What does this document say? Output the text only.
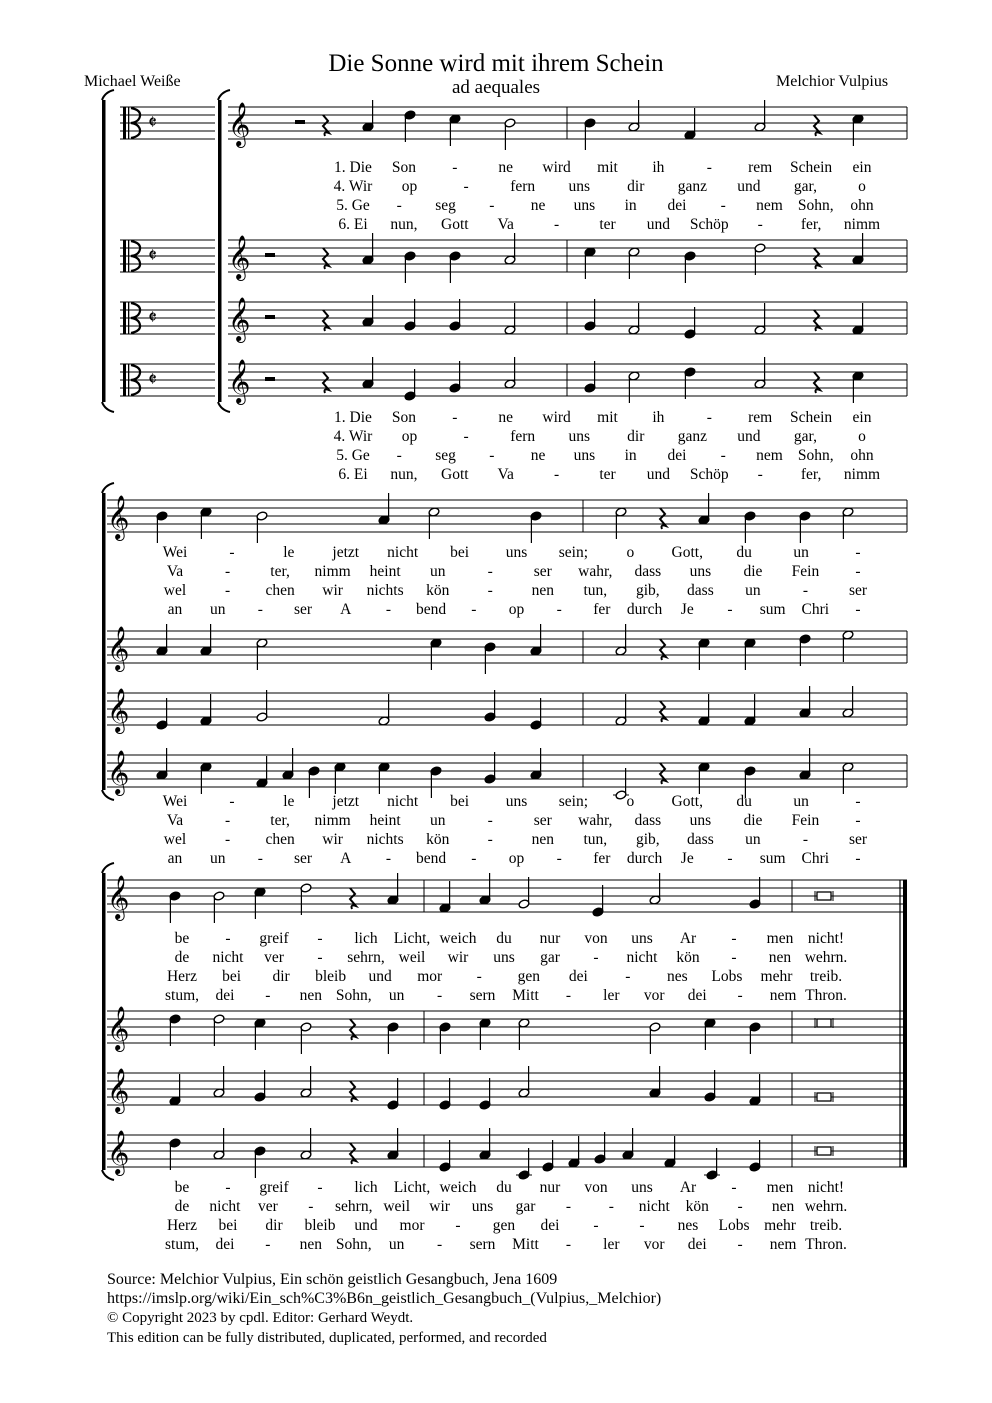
Die Sonne wird mit ihrem Schein
ad aequales
Michael Weiße	Melchior Vulpius
𝄞
𝄵
𝄞
𝄵
𝄞
𝄵
𝄞
𝄵
𝄞
𝄞
𝄞
𝄞
𝄞
𝄞
𝄞
𝄞
1. Die Son -	ne wird mit ih	- rem Schein ein
4. Wir op	-	fern uns dir ganz und gar,	o
5. Ge - seg - ne uns in dei - nem Sohn, ohn
6. Ei nun, Gott Va	-	ter und Schöp - fer, nimm
1. Die Son -	ne wird mit ih	- rem Schein ein
4. Wir op	-	fern uns dir ganz und gar,	o
5. Ge - seg - ne uns in dei - nem Sohn, ohn
6. Ei nun, Gott Va	-	ter und Schöp - fer, nimm
Wei	-	le jetzt nicht bei uns sein; o Gott, du	un	-
Va	-	ter, nimm heint un	-	ser wahr, dass uns die Fein -
wel	- chen wir nichts kön -	nen tun, gib, dass un	-	ser
an un - ser A - bend - op - fer durch Je - sum Chri -
Wei	-	le jetzt nicht bei uns sein; o Gott, du	un	-
Va	-	ter, nimm heint un	-	ser wahr, dass uns die Fein -
wel	- chen wir nichts kön -	nen tun, gib, dass un	-	ser
an un - ser A - bend - op - fer durch Je - sum Chri -
be - greif - lich Licht, weich du nur von uns Ar - men nicht!
de nicht ver - sehrn, weil wir uns gar - nicht kön - nen wehrn.
Herz bei dir bleib und mor - gen dei - nes Lobs mehr treib.
stum, dei - nen Sohn, un - sern Mitt - ler vor dei - nem Thron.
be - greif - lich Licht, weich du nur von uns Ar - men nicht!
de nicht ver - sehrn, weil wir uns gar - - nicht kön - nen wehrn.
Herz bei dir bleib und mor - gen dei -	- nes Lobs mehr treib.
stum, dei - nen Sohn, un - sern Mitt - ler vor dei - nem Thron.
Source: Melchior Vulpius, Ein schön geistlich Gesangbuch, Jena 1609
https://imslp.org/wiki/Ein_sch%C3%B6n_geistlich_Gesangbuch_(Vulpius,_Melchior)
© Copyright 2023 by cpdl. Editor: Gerhard Weydt.
This edition can be fully distributed, duplicated, performed, and recorded
